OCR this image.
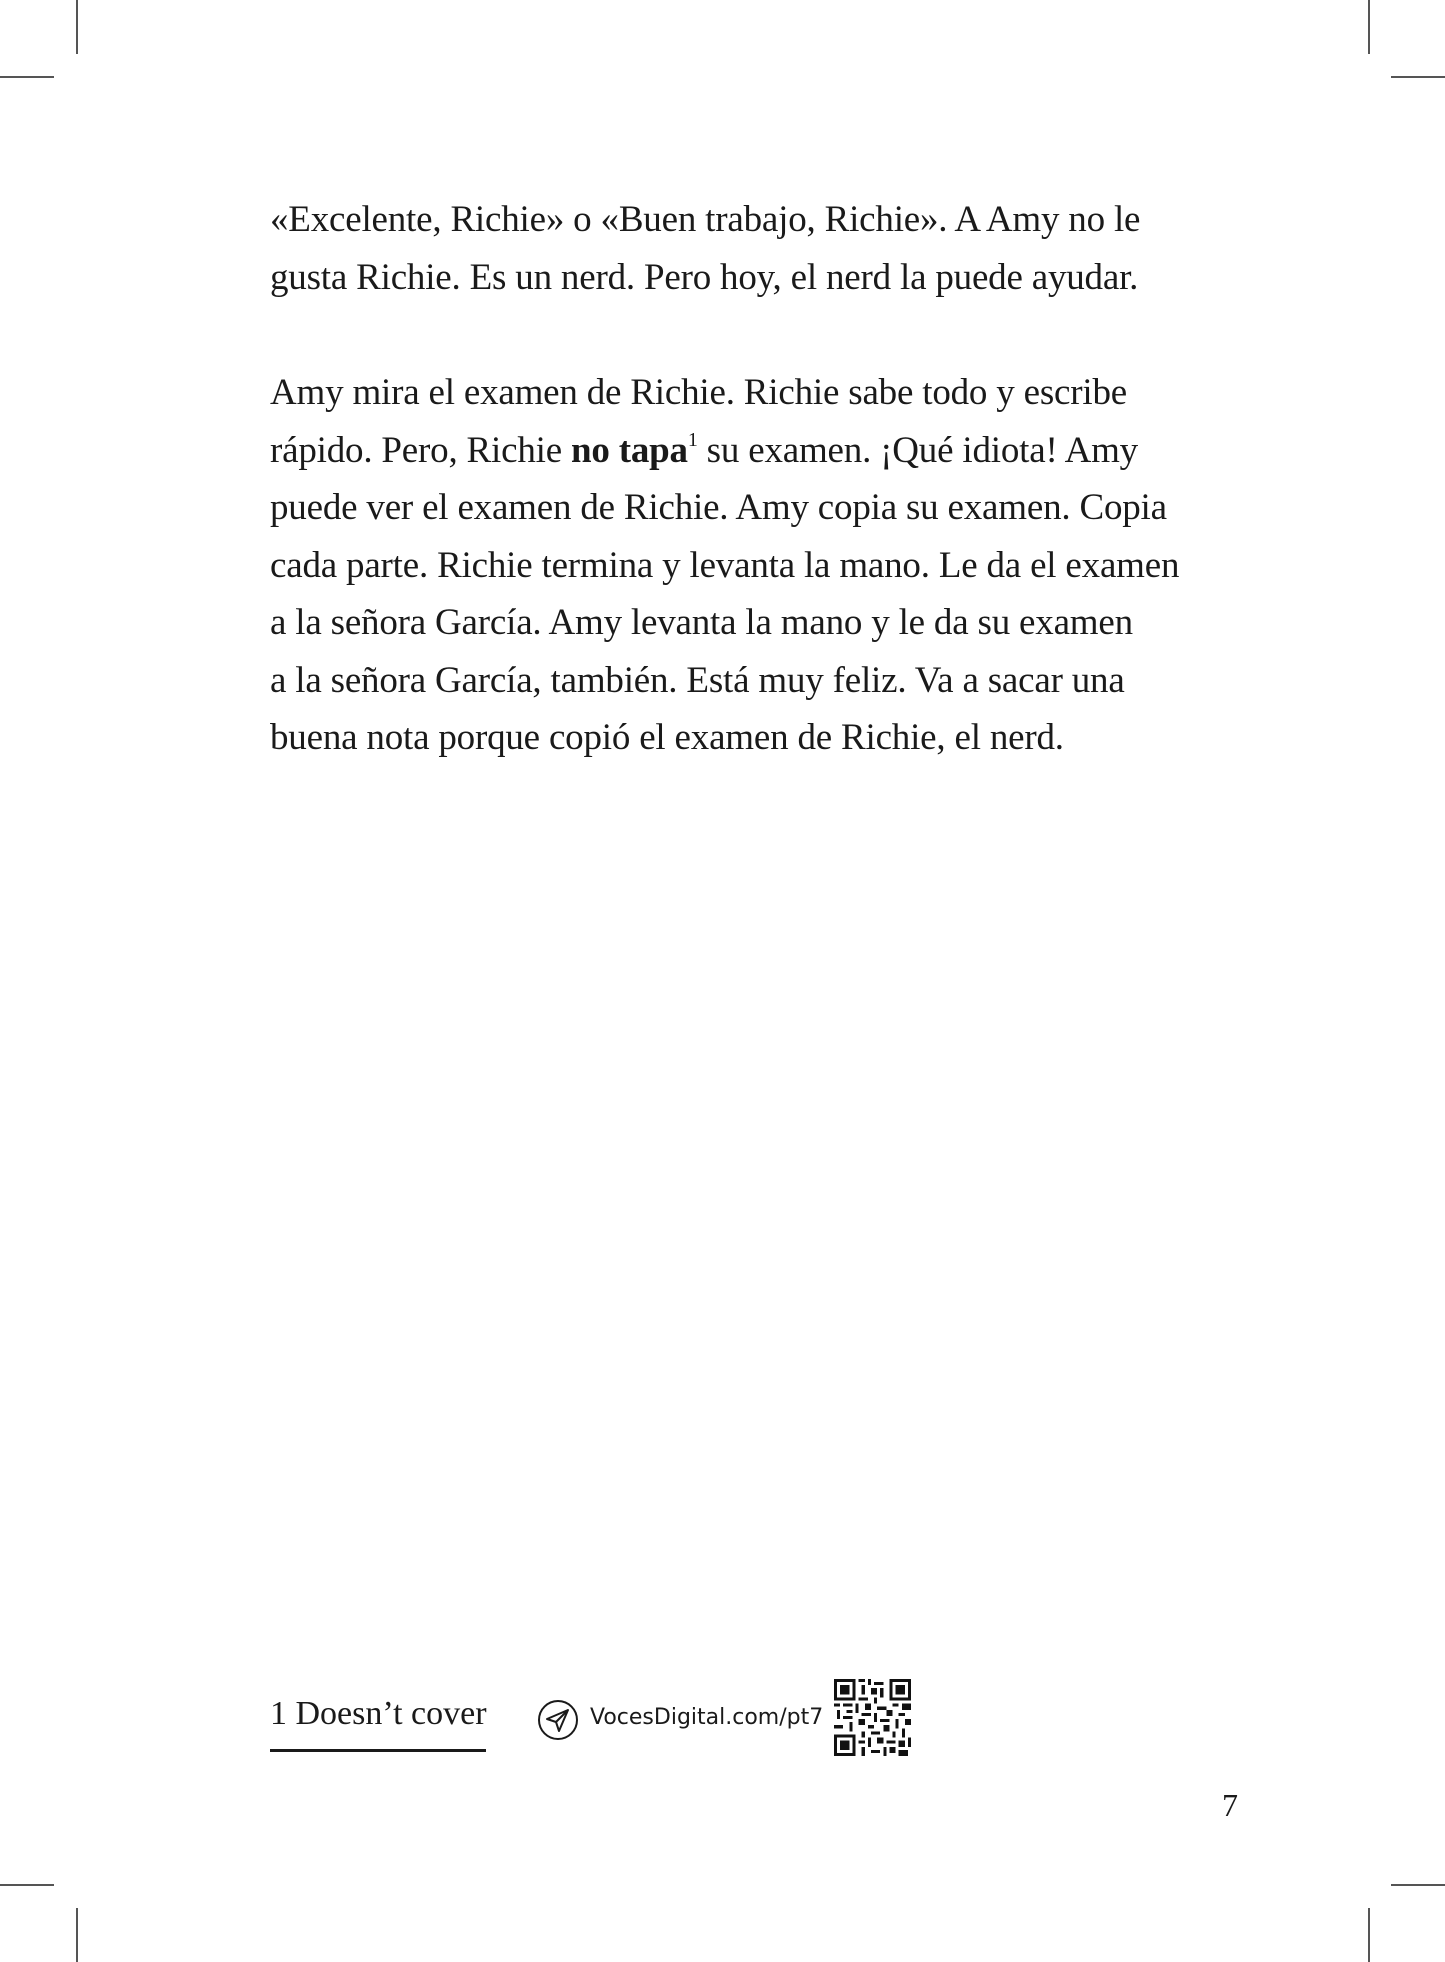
«Excelente, Richie» o «Buen trabajo, Richie». A Amy no le
gusta Richie. Es un nerd. Pero hoy, el nerd la puede ayudar.
Amy mira el examen de Richie. Richie sabe todo y escribe
rápido. Pero, Richie no tapa$^1$ su examen. ¡Qué idiota! Amy
puede ver el examen de Richie. Amy copia su examen. Copia
cada parte. Richie termina y levanta la mano. Le da el examen
a la señora García. Amy levanta la mano y le da su examen
a la señora García, también. Está muy feliz. Va a sacar una
buena nota porque copió el examen de Richie, el nerd.
1 Doesn’t cover	VocesDigital.com/pt7
7
